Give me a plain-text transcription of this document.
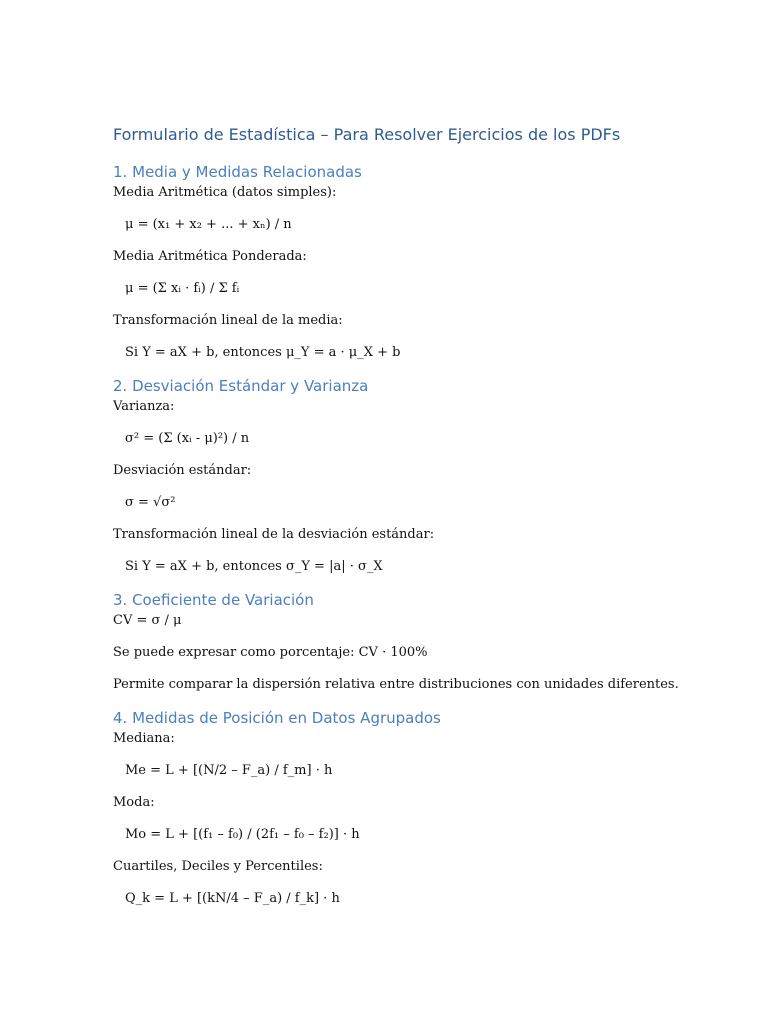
Formulario de Estadística – Para Resolver Ejercicios de los PDFs
1. Media y Medidas Relacionadas
Media Aritmética (datos simples):
μ = (x₁ + x₂ + ... + xₙ) / n
Media Aritmética Ponderada:
μ = (Σ xᵢ · fᵢ) / Σ fᵢ
Transformación lineal de la media:
Si Y = aX + b, entonces μ_Y = a · μ_X + b
2. Desviación Estándar y Varianza
Varianza:
σ² = (Σ (xᵢ - μ)²) / n
Desviación estándar:
σ = √σ²
Transformación lineal de la desviación estándar:
Si Y = aX + b, entonces σ_Y = |a| · σ_X
3. Coeficiente de Variación
CV = σ / μ
Se puede expresar como porcentaje: CV · 100%
Permite comparar la dispersión relativa entre distribuciones con unidades diferentes.
4. Medidas de Posición en Datos Agrupados
Mediana:
Me = L + [(N/2 – F_a) / f_m] · h
Moda:
Mo = L + [(f₁ – f₀) / (2f₁ – f₀ – f₂)] · h
Cuartiles, Deciles y Percentiles:
Q_k = L + [(kN/4 – F_a) / f_k] · h
